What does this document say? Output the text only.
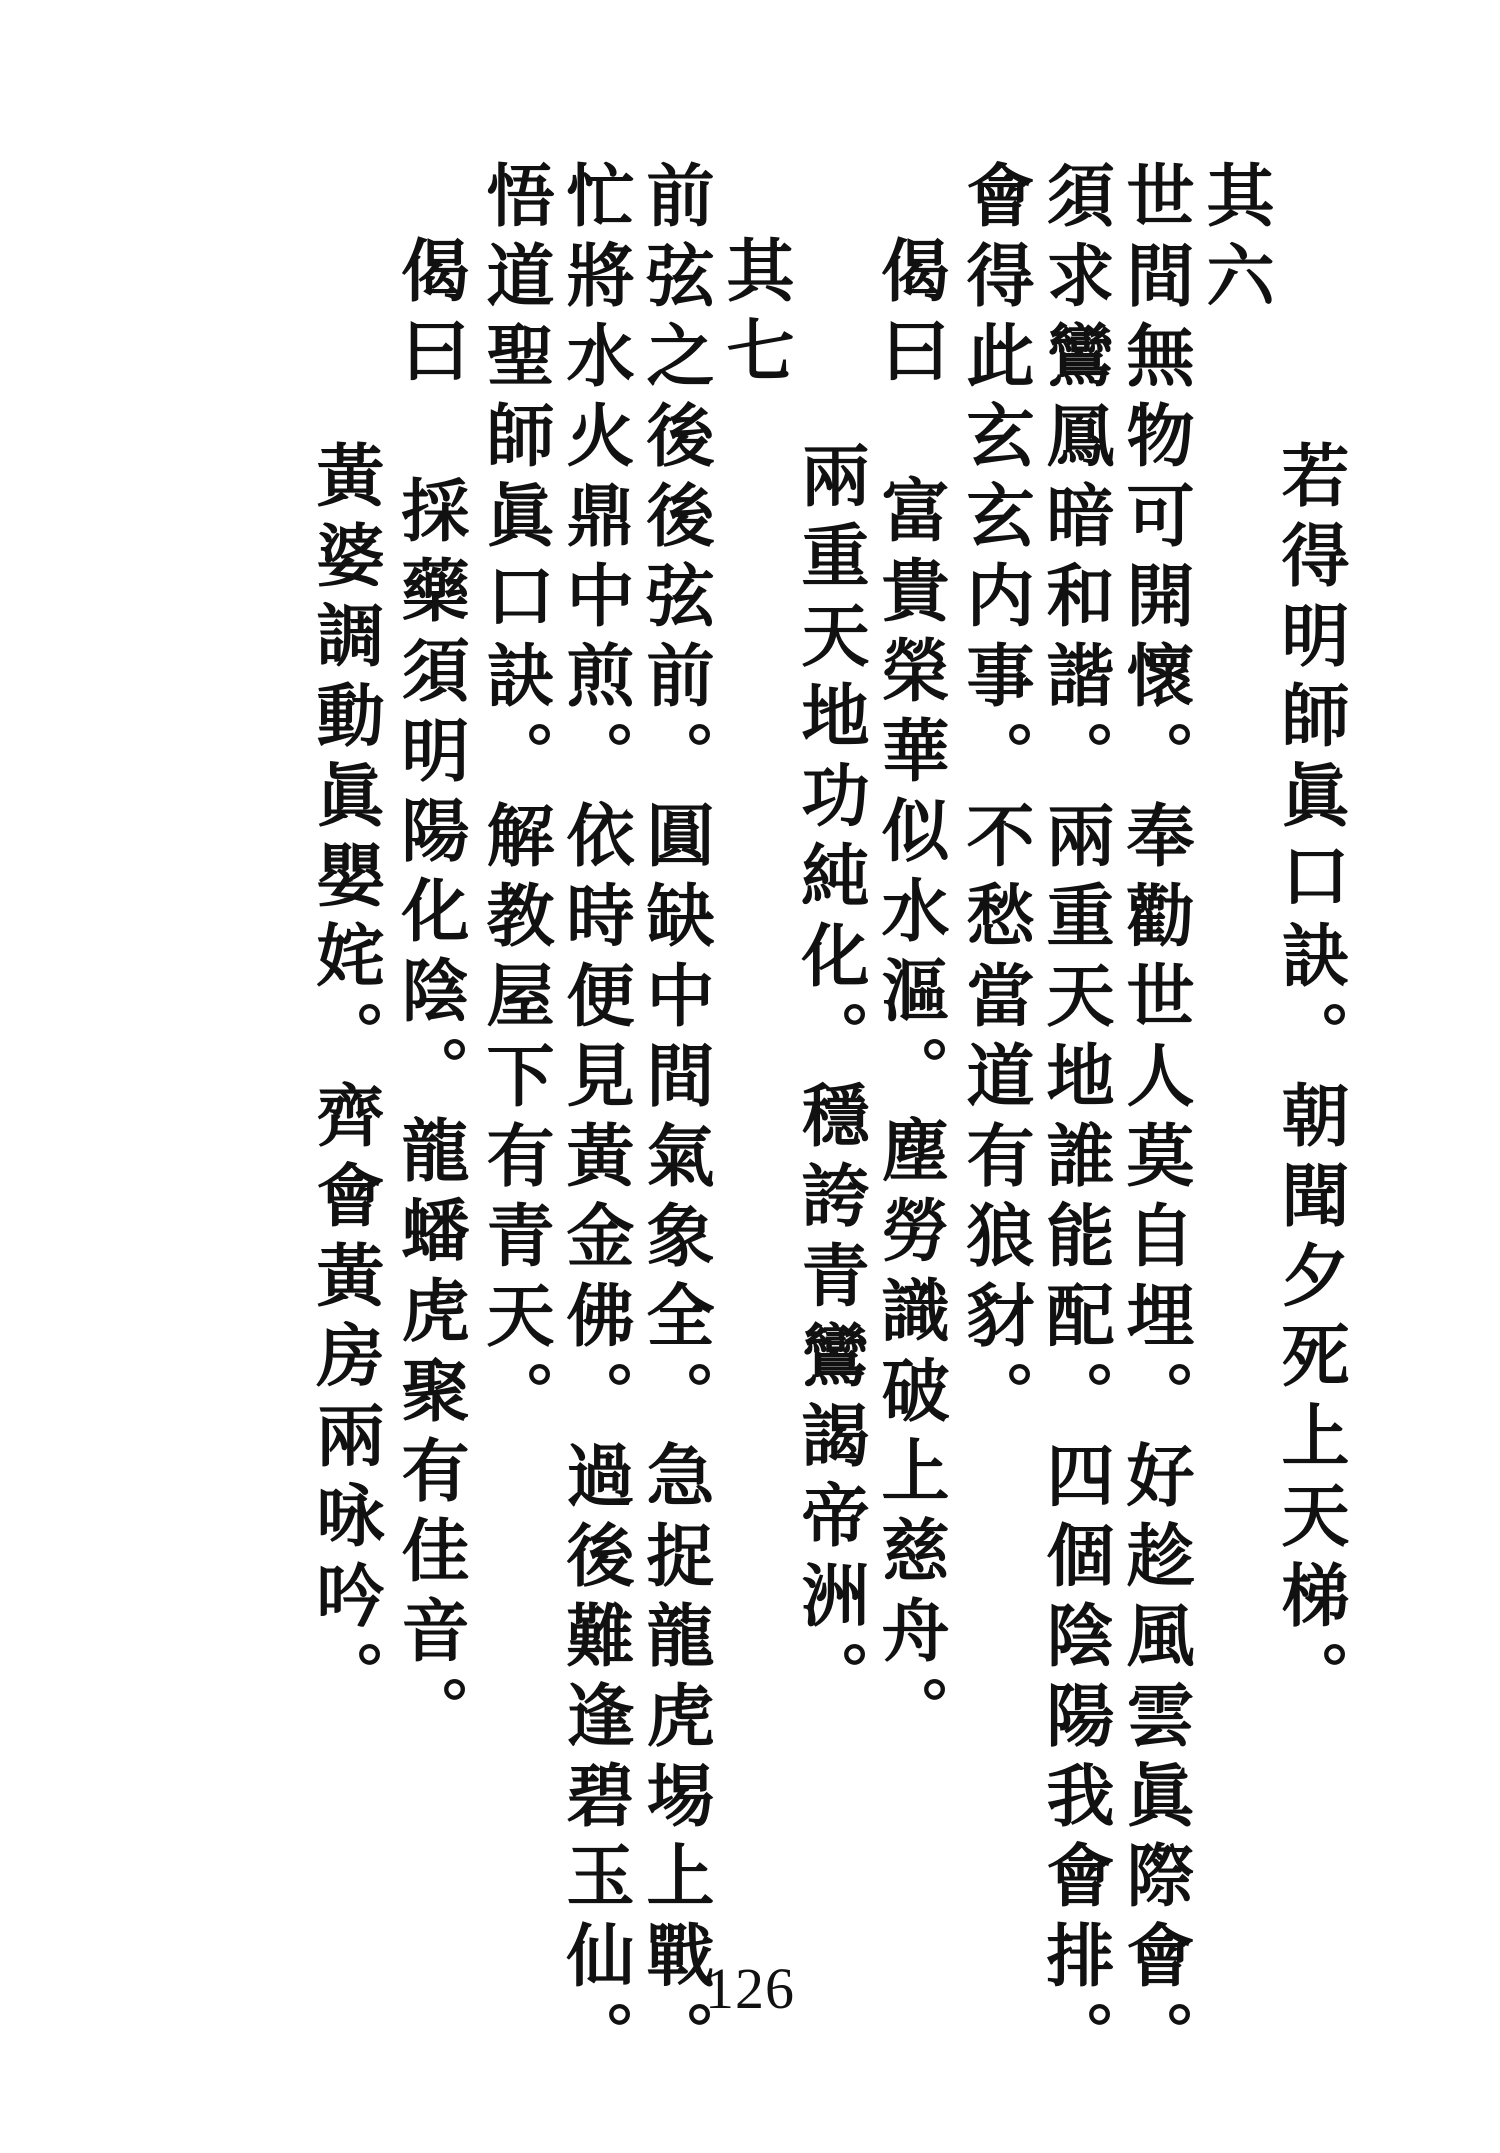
其六
若得明師眞口訣。朝聞夕死上天梯。
世間無物可開懷。奉勸世人莫自埋。好趁風雲眞際會。
須求鸞鳳暗和諧。兩重天地誰能配。四個陰陽我會排。
會得此玄玄内事。不愁當道有狼豺。
偈曰　富貴榮華似水漚。塵勞識破上慈舟。
兩重天地功純化。穩誇青鸞謁帝洲。
其七
前弦之後後弦前。圓缺中間氣象全。急捉龍虎埸上戰。
忙將水火鼎中煎。依時便見黃金佛。過後難逢碧玉仙。
悟道聖師眞口訣。解教屋下有青天。
偈曰　採藥須明陽化陰。龍蟠虎聚有佳音。
黃婆調動眞嬰姹。齊會黃房兩咏吟。
126
